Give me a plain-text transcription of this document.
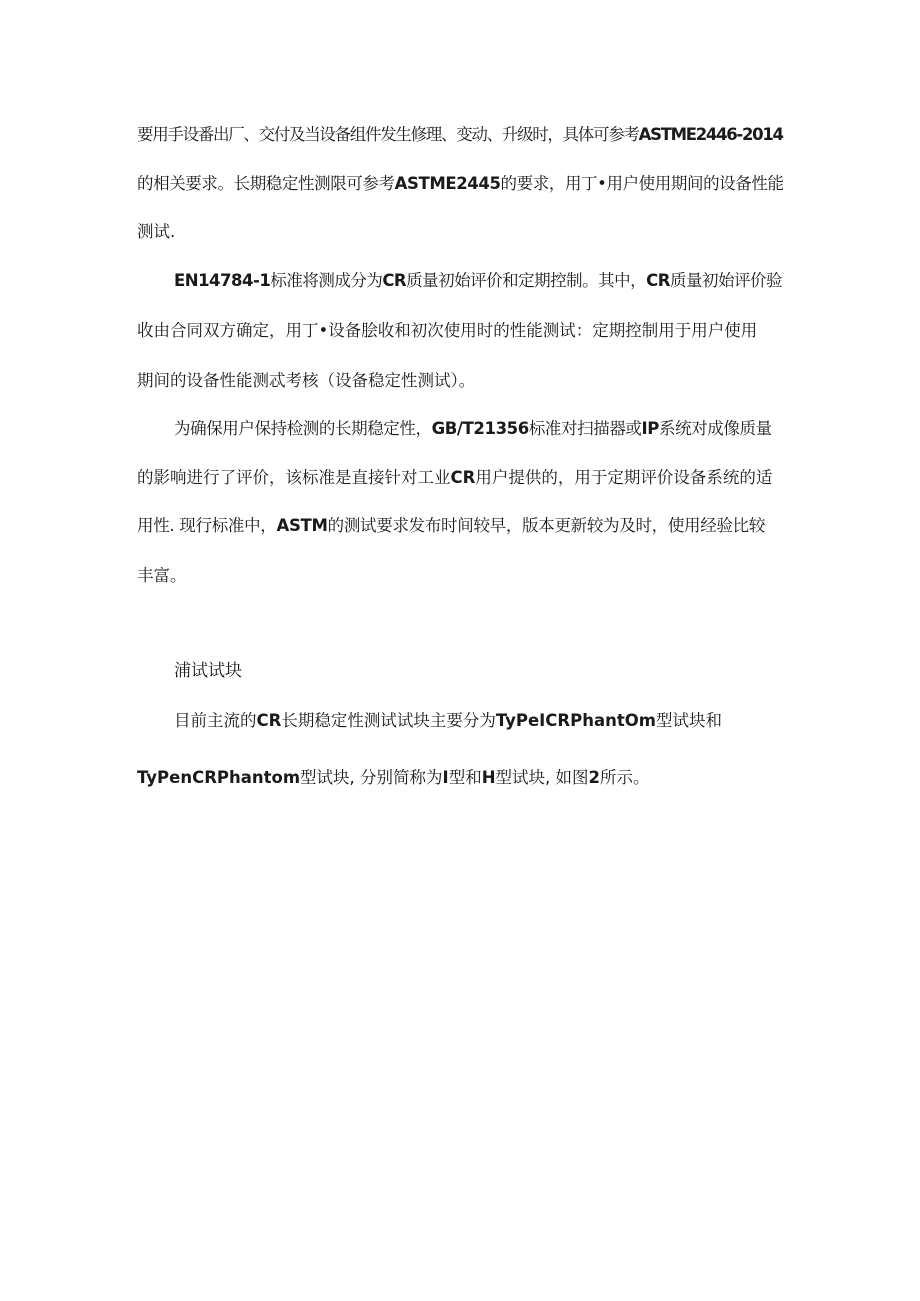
要用手设番出厂、交付及当设备组件发生修理、变动、升级时，具体可参考ASTME2446-2014
的相关要求。长期稳定性测限可参考ASTME2445的要求，用丁•用户使用期间的设备性能
测试.
EN14784-1标准将测成分为CR质量初始评价和定期控制。其中，CR质量初始评价验
收由合同双方确定，用丁•设备脍收和初次使用时的性能测试：定期控制用于用户使用
期间的设备性能测忒考核（设备稳定性测试）。
为确保用户保持检测的长期稳定性，GB/T21356标准对扫描器或IP系统对成像质量
的影响进行了评价，该标准是直接针对工业CR用户提供的，用于定期评价设备系统的适
用性. 现行标准中，ASTM的测试要求发布时间较早，版本更新较为及时，使用经验比较
丰富。
浦试试块
目前主流的CR长期稳定性测试试块主要分为TyPeICRPhantOm型试块和
TyPenCRPhantom型试块, 分别简称为I型和H型试块, 如图2所示。
